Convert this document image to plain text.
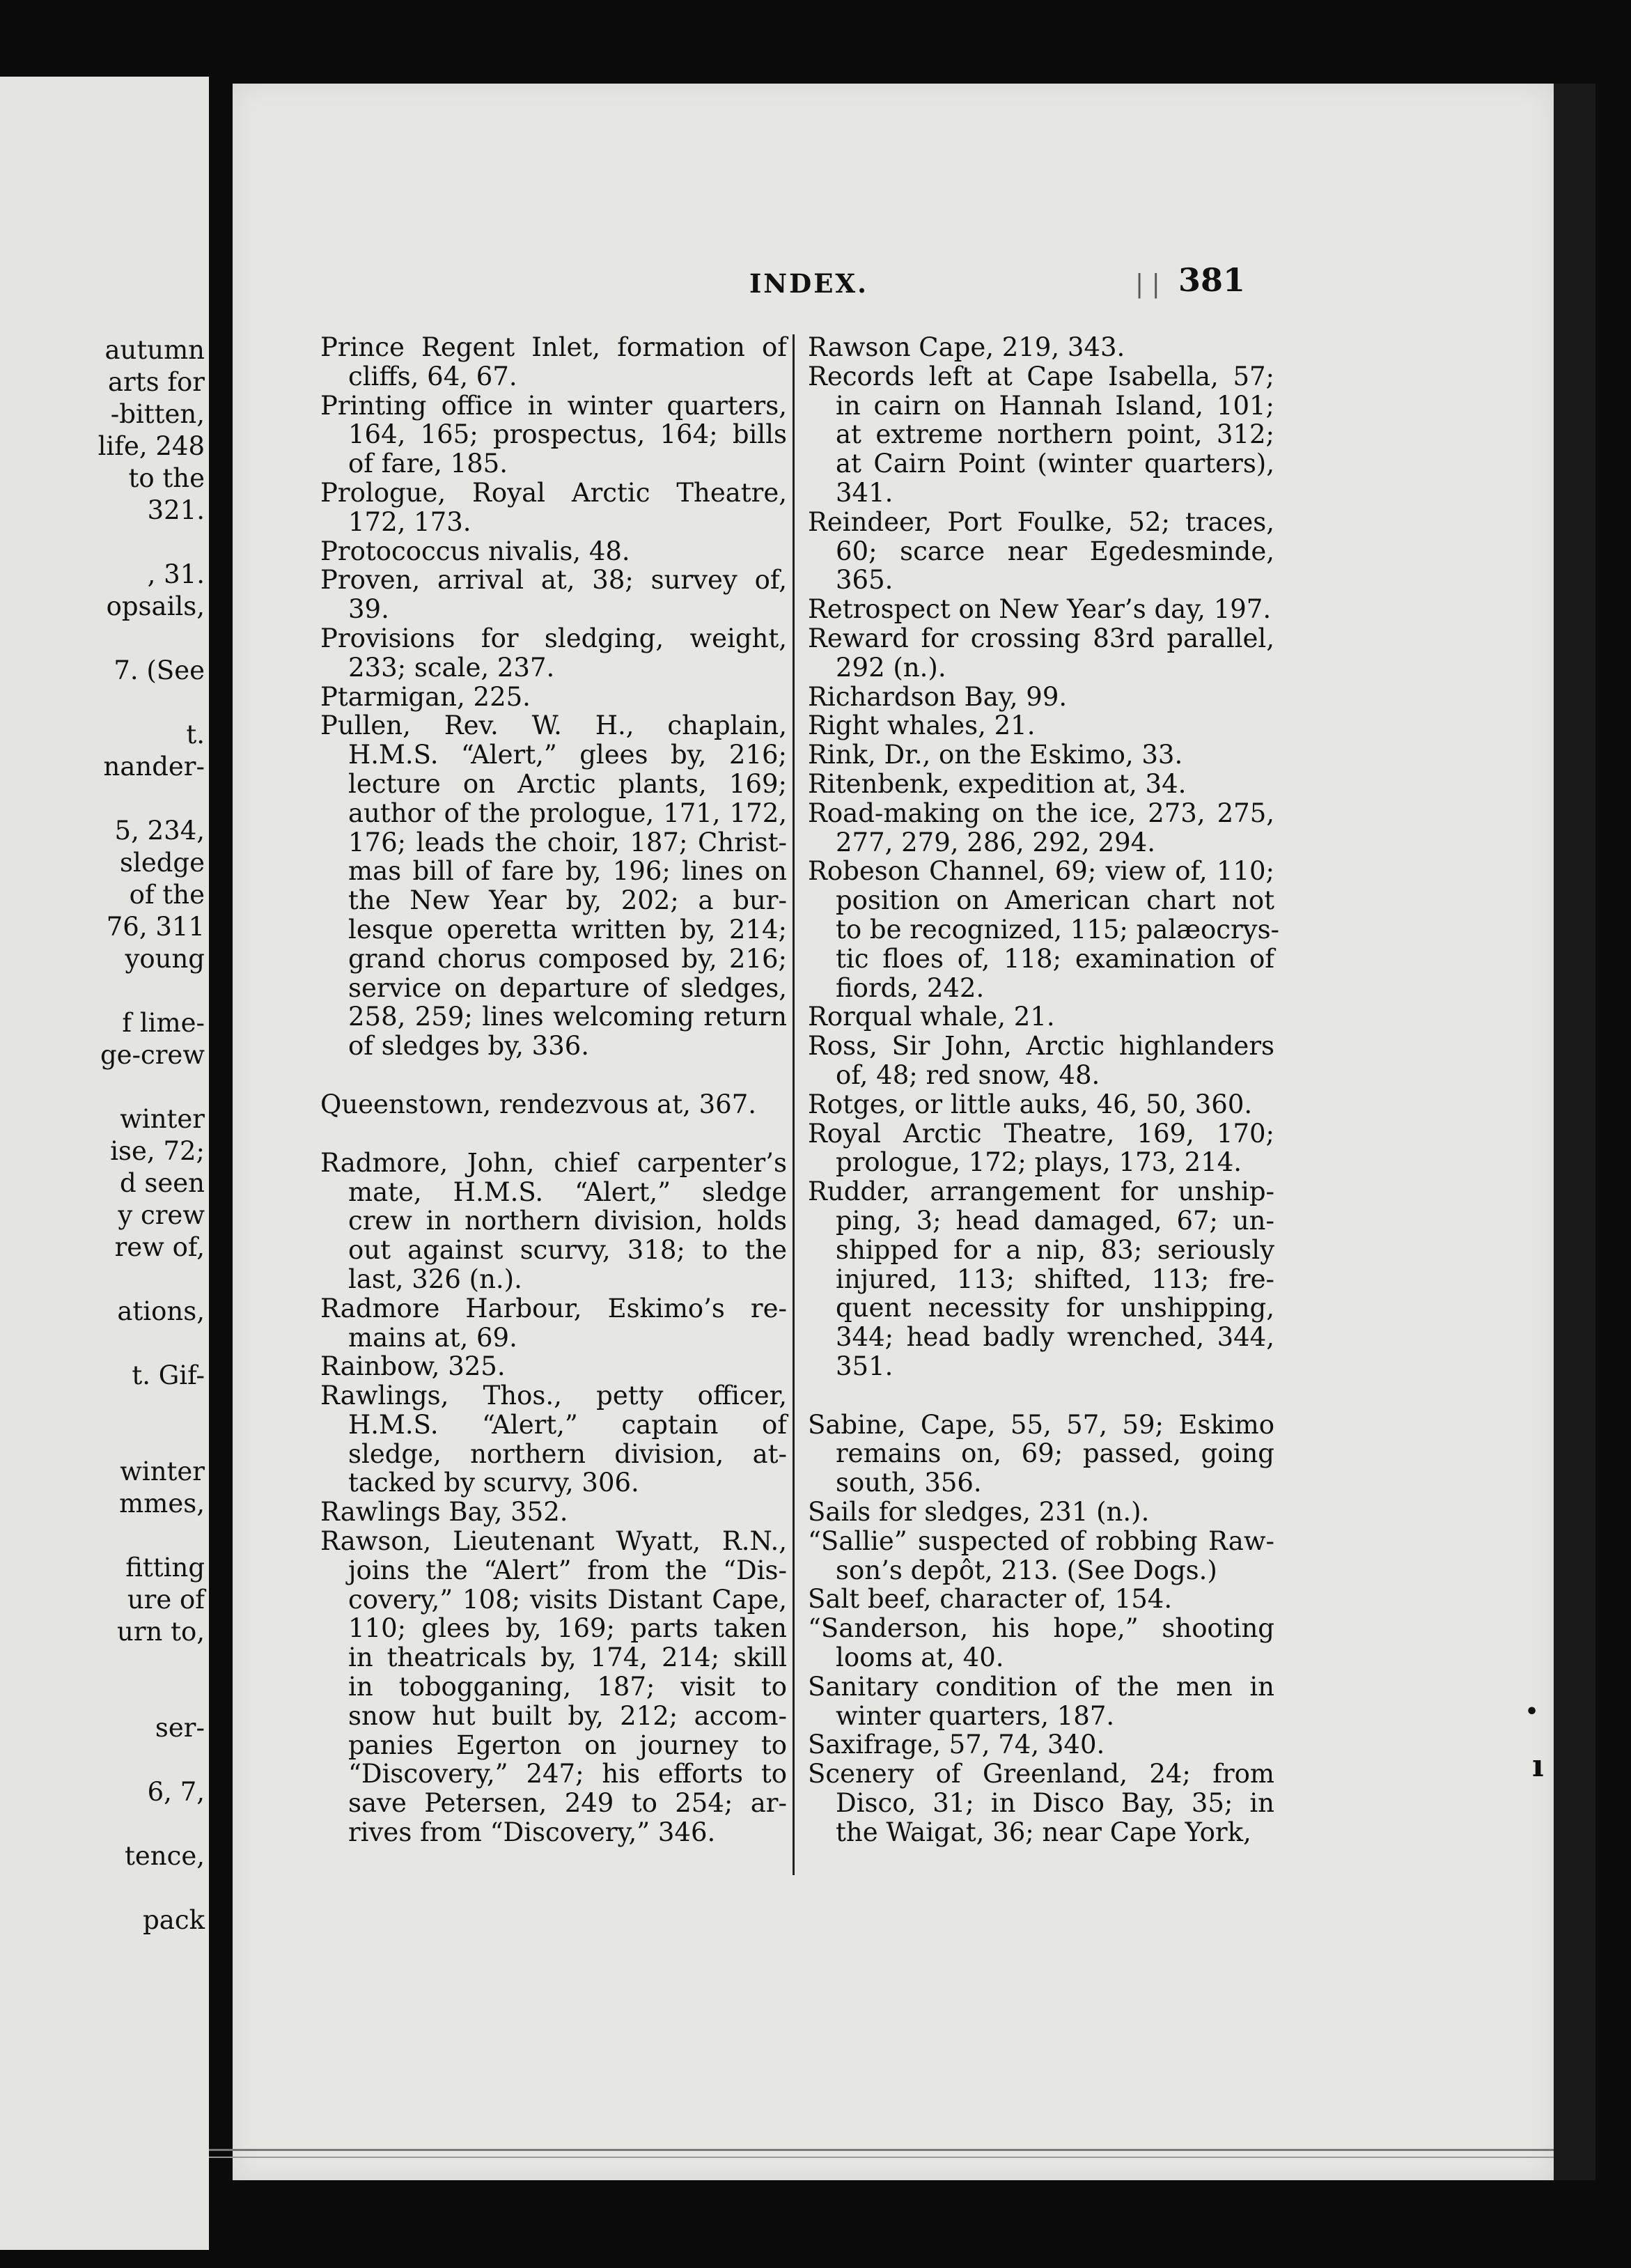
autumn
arts for
-bitten,
life, 248
to the
321.
, 31.
opsails,
7. (See
t.
nander-
5, 234,
sledge
of the
76, 311
young
f lime-
ge-crew
winter
ise, 72;
d seen
y crew
rew of,
ations,
t. Gif-
winter
mmes,
fitting
ure of
urn to,
ser-
6, 7,
tence,
pack
INDEX.	| | 381

Prince Regent Inlet, formation of
cliffs, 64, 67.

Printing office in winter quarters,
164, 165; prospectus, 164; bills
of fare, 185.

Prologue, Royal Arctic Theatre,
172, 173.

Protococcus nivalis, 48.

Proven, arrival at, 38; survey of,
39.

Provisions for sledging, weight,
233; scale, 237.

Ptarmigan, 225.

Pullen, Rev. W. H., chaplain,
H.M.S. “Alert,” glees by, 216;
lecture on Arctic plants, 169;
author of the prologue, 171, 172,
176; leads the choir, 187; Christ-
mas bill of fare by, 196; lines on
the New Year by, 202; a bur-
lesque operetta written by, 214;
grand chorus composed by, 216;
service on departure of sledges,
258, 259; lines welcoming return
of sledges by, 336.

Queenstown, rendezvous at, 367.

Radmore, John, chief carpenter’s
mate, H.M.S. “Alert,” sledge
crew in northern division, holds
out against scurvy, 318; to the
last, 326 (n.).

Radmore Harbour, Eskimo’s re-
mains at, 69.

Rainbow, 325.

Rawlings, Thos., petty officer,
H.M.S. “Alert,” captain of
sledge, northern division, at-
tacked by scurvy, 306.

Rawlings Bay, 352.

Rawson, Lieutenant Wyatt, R.N.,
joins the “Alert” from the “Dis-
covery,” 108; visits Distant Cape,
110; glees by, 169; parts taken
in theatricals by, 174, 214; skill
in tobogganing, 187; visit to
snow hut built by, 212; accom-
panies Egerton on journey to
“Discovery,” 247; his efforts to
save Petersen, 249 to 254; ar-
rives from “Discovery,” 346.

Rawson Cape, 219, 343.

Records left at Cape Isabella, 57;
in cairn on Hannah Island, 101;
at extreme northern point, 312;
at Cairn Point (winter quarters),
341.

Reindeer, Port Foulke, 52; traces,
60; scarce near Egedesminde,
365.

Retrospect on New Year’s day, 197.

Reward for crossing 83rd parallel,
292 (n.).

Richardson Bay, 99.

Right whales, 21.

Rink, Dr., on the Eskimo, 33.

Ritenbenk, expedition at, 34.

Road-making on the ice, 273, 275,
277, 279, 286, 292, 294.

Robeson Channel, 69; view of, 110;
position on American chart not
to be recognized, 115; palæocrys-
tic floes of, 118; examination of
fiords, 242.

Rorqual whale, 21.

Ross, Sir John, Arctic highlanders
of, 48; red snow, 48.

Rotges, or little auks, 46, 50, 360.

Royal Arctic Theatre, 169, 170;
prologue, 172; plays, 173, 214.

Rudder, arrangement for unship-
ping, 3; head damaged, 67; un-
shipped for a nip, 83; seriously
injured, 113; shifted, 113; fre-
quent necessity for unshipping,
344; head badly wrenched, 344,
351.

Sabine, Cape, 55, 57, 59; Eskimo
remains on, 69; passed, going
south, 356.

Sails for sledges, 231 (n.).

“Sallie” suspected of robbing Raw-
son’s depôt, 213. (See Dogs.)

Salt beef, character of, 154.

“Sanderson, his hope,” shooting
looms at, 40.

Sanitary condition of the men in
winter quarters, 187.

Saxifrage, 57, 74, 340.

Scenery of Greenland, 24; from
Disco, 31; in Disco Bay, 35; in
the Waigat, 36; near Cape York,

•
ı
